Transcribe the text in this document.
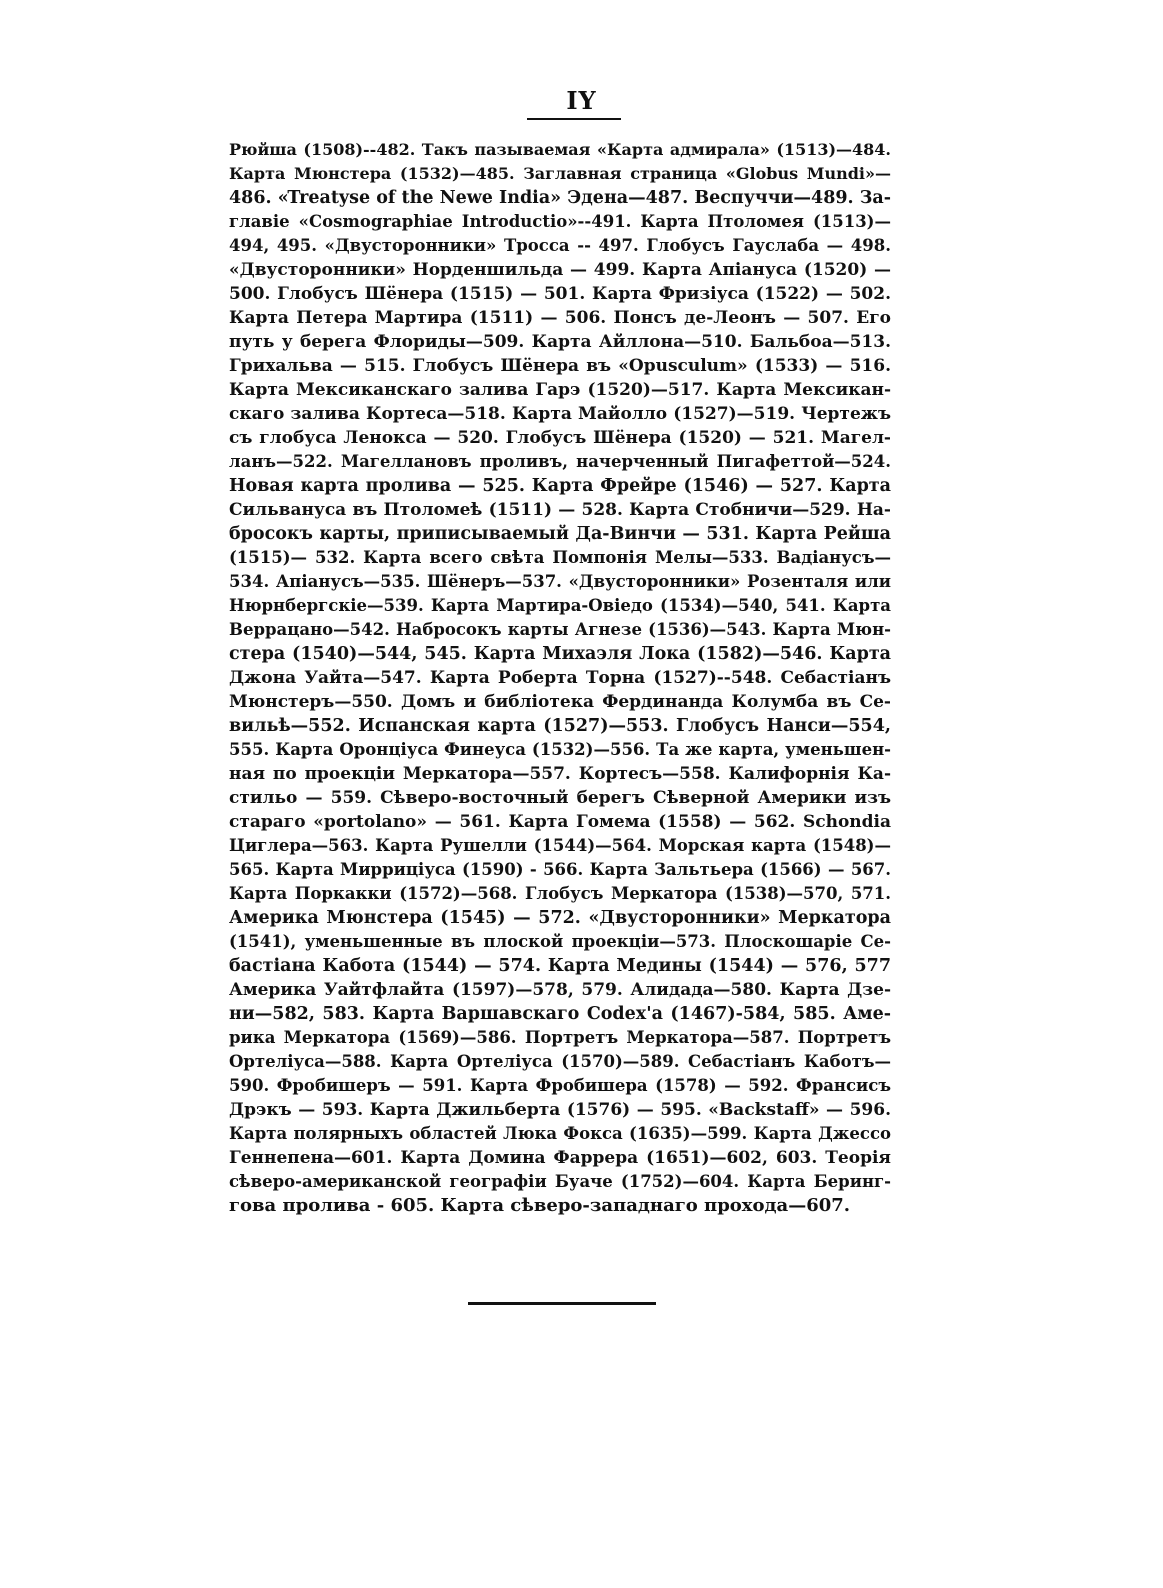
IY
Рюйша (1508)--482. Такъ пазываемая «Карта адмирала» (1513)—484.
Карта Мюнстера (1532)—485. Заглавная страница «Globus Mundi»—
486. «Treatyse of the Newe India» Эдена—487. Веспуччи—489. За-
главіе «Cosmographiae Introductio»--491. Карта Птоломея (1513)—
494, 495. «Двусторонники» Тросса -- 497. Глобусъ Гауслаба — 498.
«Двусторонники» Норденшильда — 499. Карта Апіануса (1520) —
500. Глобусъ Шёнера (1515) — 501. Карта Фризіуса (1522) — 502.
Карта Петера Мартира (1511) — 506. Понсъ де-Леонъ — 507. Его
путь у берега Флориды—509. Карта Айллона—510. Бальбоа—513.
Грихальва — 515. Глобусъ Шёнера въ «Opusculum» (1533) — 516.
Карта Мексиканскаго залива Гарэ (1520)—517. Карта Мексикан-
скаго залива Кортеса—518. Карта Майолло (1527)—519. Чертежъ
съ глобуса Ленокса — 520. Глобусъ Шёнера (1520) — 521. Магел-
ланъ—522. Магеллановъ проливъ, начерченный Пигафеттой—524.
Новая карта пролива — 525. Карта Фрейре (1546) — 527. Карта
Сильвануса въ Птоломеѣ (1511) — 528. Карта Стобничи—529. На-
бросокъ карты, приписываемый Да-Винчи — 531. Карта Рейша
(1515)— 532. Карта всего свѣта Помпонія Мелы—533. Вадіанусъ—
534. Апіанусъ—535. Шёнеръ—537. «Двусторонники» Розенталя или
Нюрнбергскіе—539. Карта Мартира-Овіедо (1534)—540, 541. Карта
Веррацано—542. Набросокъ карты Агнезе (1536)—543. Карта Мюн-
стера (1540)—544, 545. Карта Михаэля Лока (1582)—546. Карта
Джона Уайта—547. Карта Роберта Торна (1527)--548. Себастіанъ
Мюнстеръ—550. Домъ и библіотека Фердинанда Колумба въ Се-
вильѣ—552. Испанская карта (1527)—553. Глобусъ Нанси—554,
555. Карта Оронціуса Финеуса (1532)—556. Та же карта, уменьшен-
ная по проекціи Меркатора—557. Кортесъ—558. Калифорнія Ка-
стильо — 559. Сѣверо-восточный берегъ Сѣверной Америки изъ
стараго «portolano» — 561. Карта Гомема (1558) — 562. Schondia
Циглера—563. Карта Рушелли (1544)—564. Морская карта (1548)—
565. Карта Мирриціуса (1590) - 566. Карта Зальтьера (1566) — 567.
Карта Поркакки (1572)—568. Глобусъ Меркатора (1538)—570, 571.
Америка Мюнстера (1545) — 572. «Двусторонники» Меркатора
(1541), уменьшенные въ плоской проекціи—573. Плоскошаріе Се-
бастіана Кабота (1544) — 574. Карта Медины (1544) — 576, 577
Америка Уайтфлайта (1597)—578, 579. Алидада—580. Карта Дзе-
ни—582, 583. Карта Варшавскаго Codex'а (1467)-584, 585. Аме-
рика Меркатора (1569)—586. Портретъ Меркатора—587. Портретъ
Ортеліуса—588. Карта Ортеліуса (1570)—589. Себастіанъ Каботъ—
590. Фробишеръ — 591. Карта Фробишера (1578) — 592. Франсисъ
Дрэкъ — 593. Карта Джильберта (1576) — 595. «Backstaff» — 596.
Карта полярныхъ областей Люка Фокса (1635)—599. Карта Джессо
Геннепена—601. Карта Доминa Фаррера (1651)—602, 603. Теорія
сѣверо-американской географіи Буаче (1752)—604. Карта Беринг-
гова пролива - 605. Карта сѣверо-западнаго прохода—607.
